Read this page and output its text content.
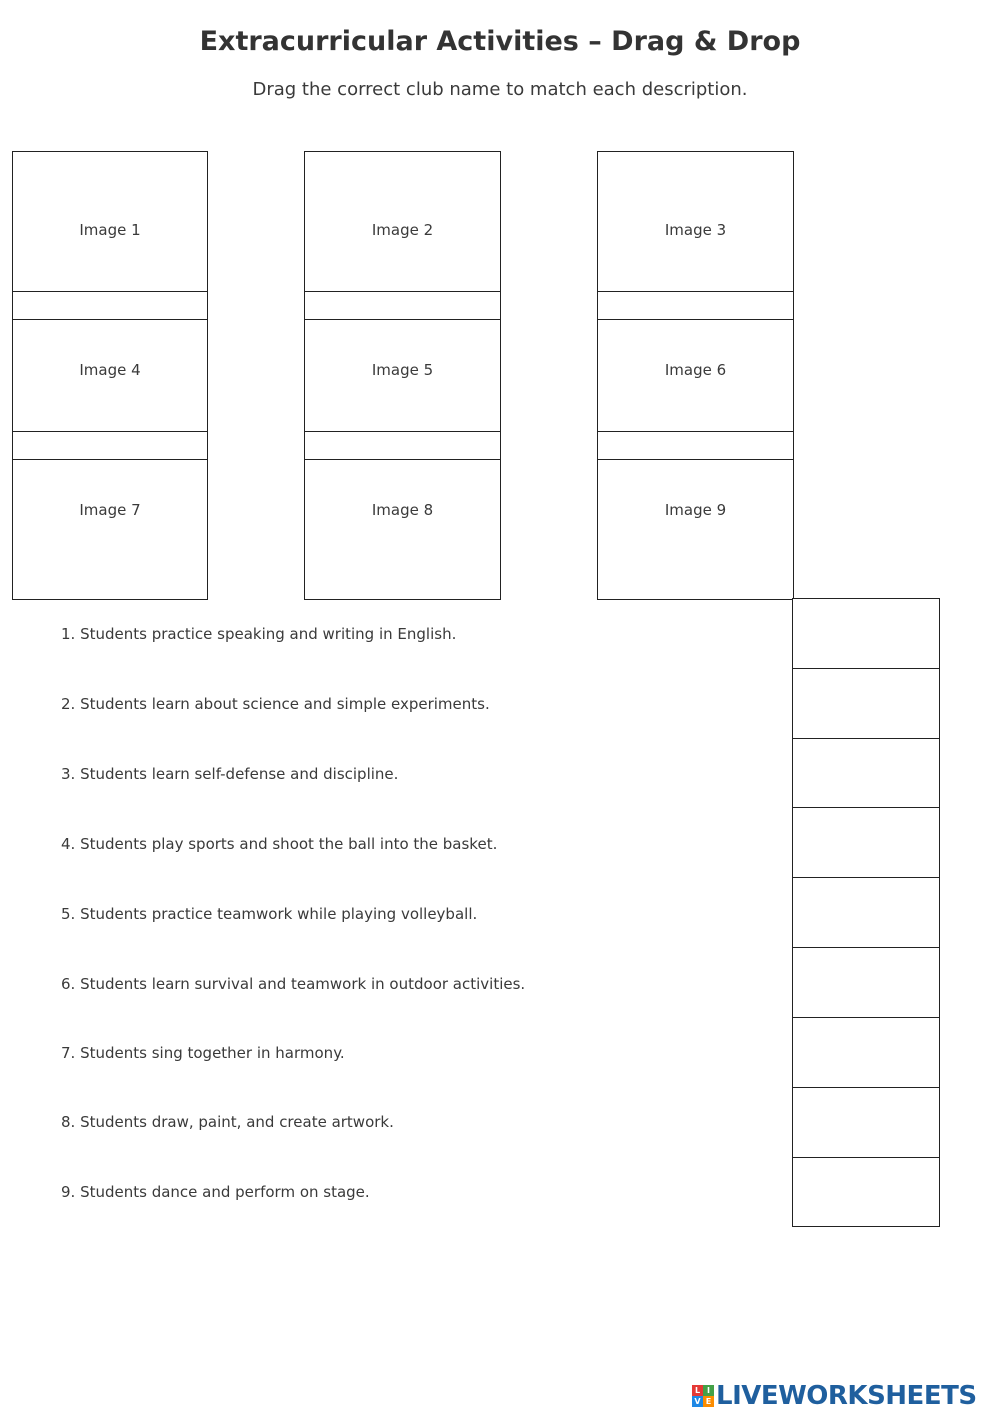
Extracurricular Activities – Drag & Drop

Drag the correct club name to match each description.

Image 1	Image 2	Image 3
Image 4	Image 5	Image 6
Image 7	Image 8	Image 9
1. Students practice speaking and writing in English.
2. Students learn about science and simple experiments.
3. Students learn self-defense and discipline.
4. Students play sports and shoot the ball into the basket.
5. Students practice teamwork while playing volleyball.
6. Students learn survival and teamwork in outdoor activities.
7. Students sing together in harmony.
8. Students draw, paint, and create artwork.
9. Students dance and perform on stage.
L I
V E LIVEWORKSHEETS
